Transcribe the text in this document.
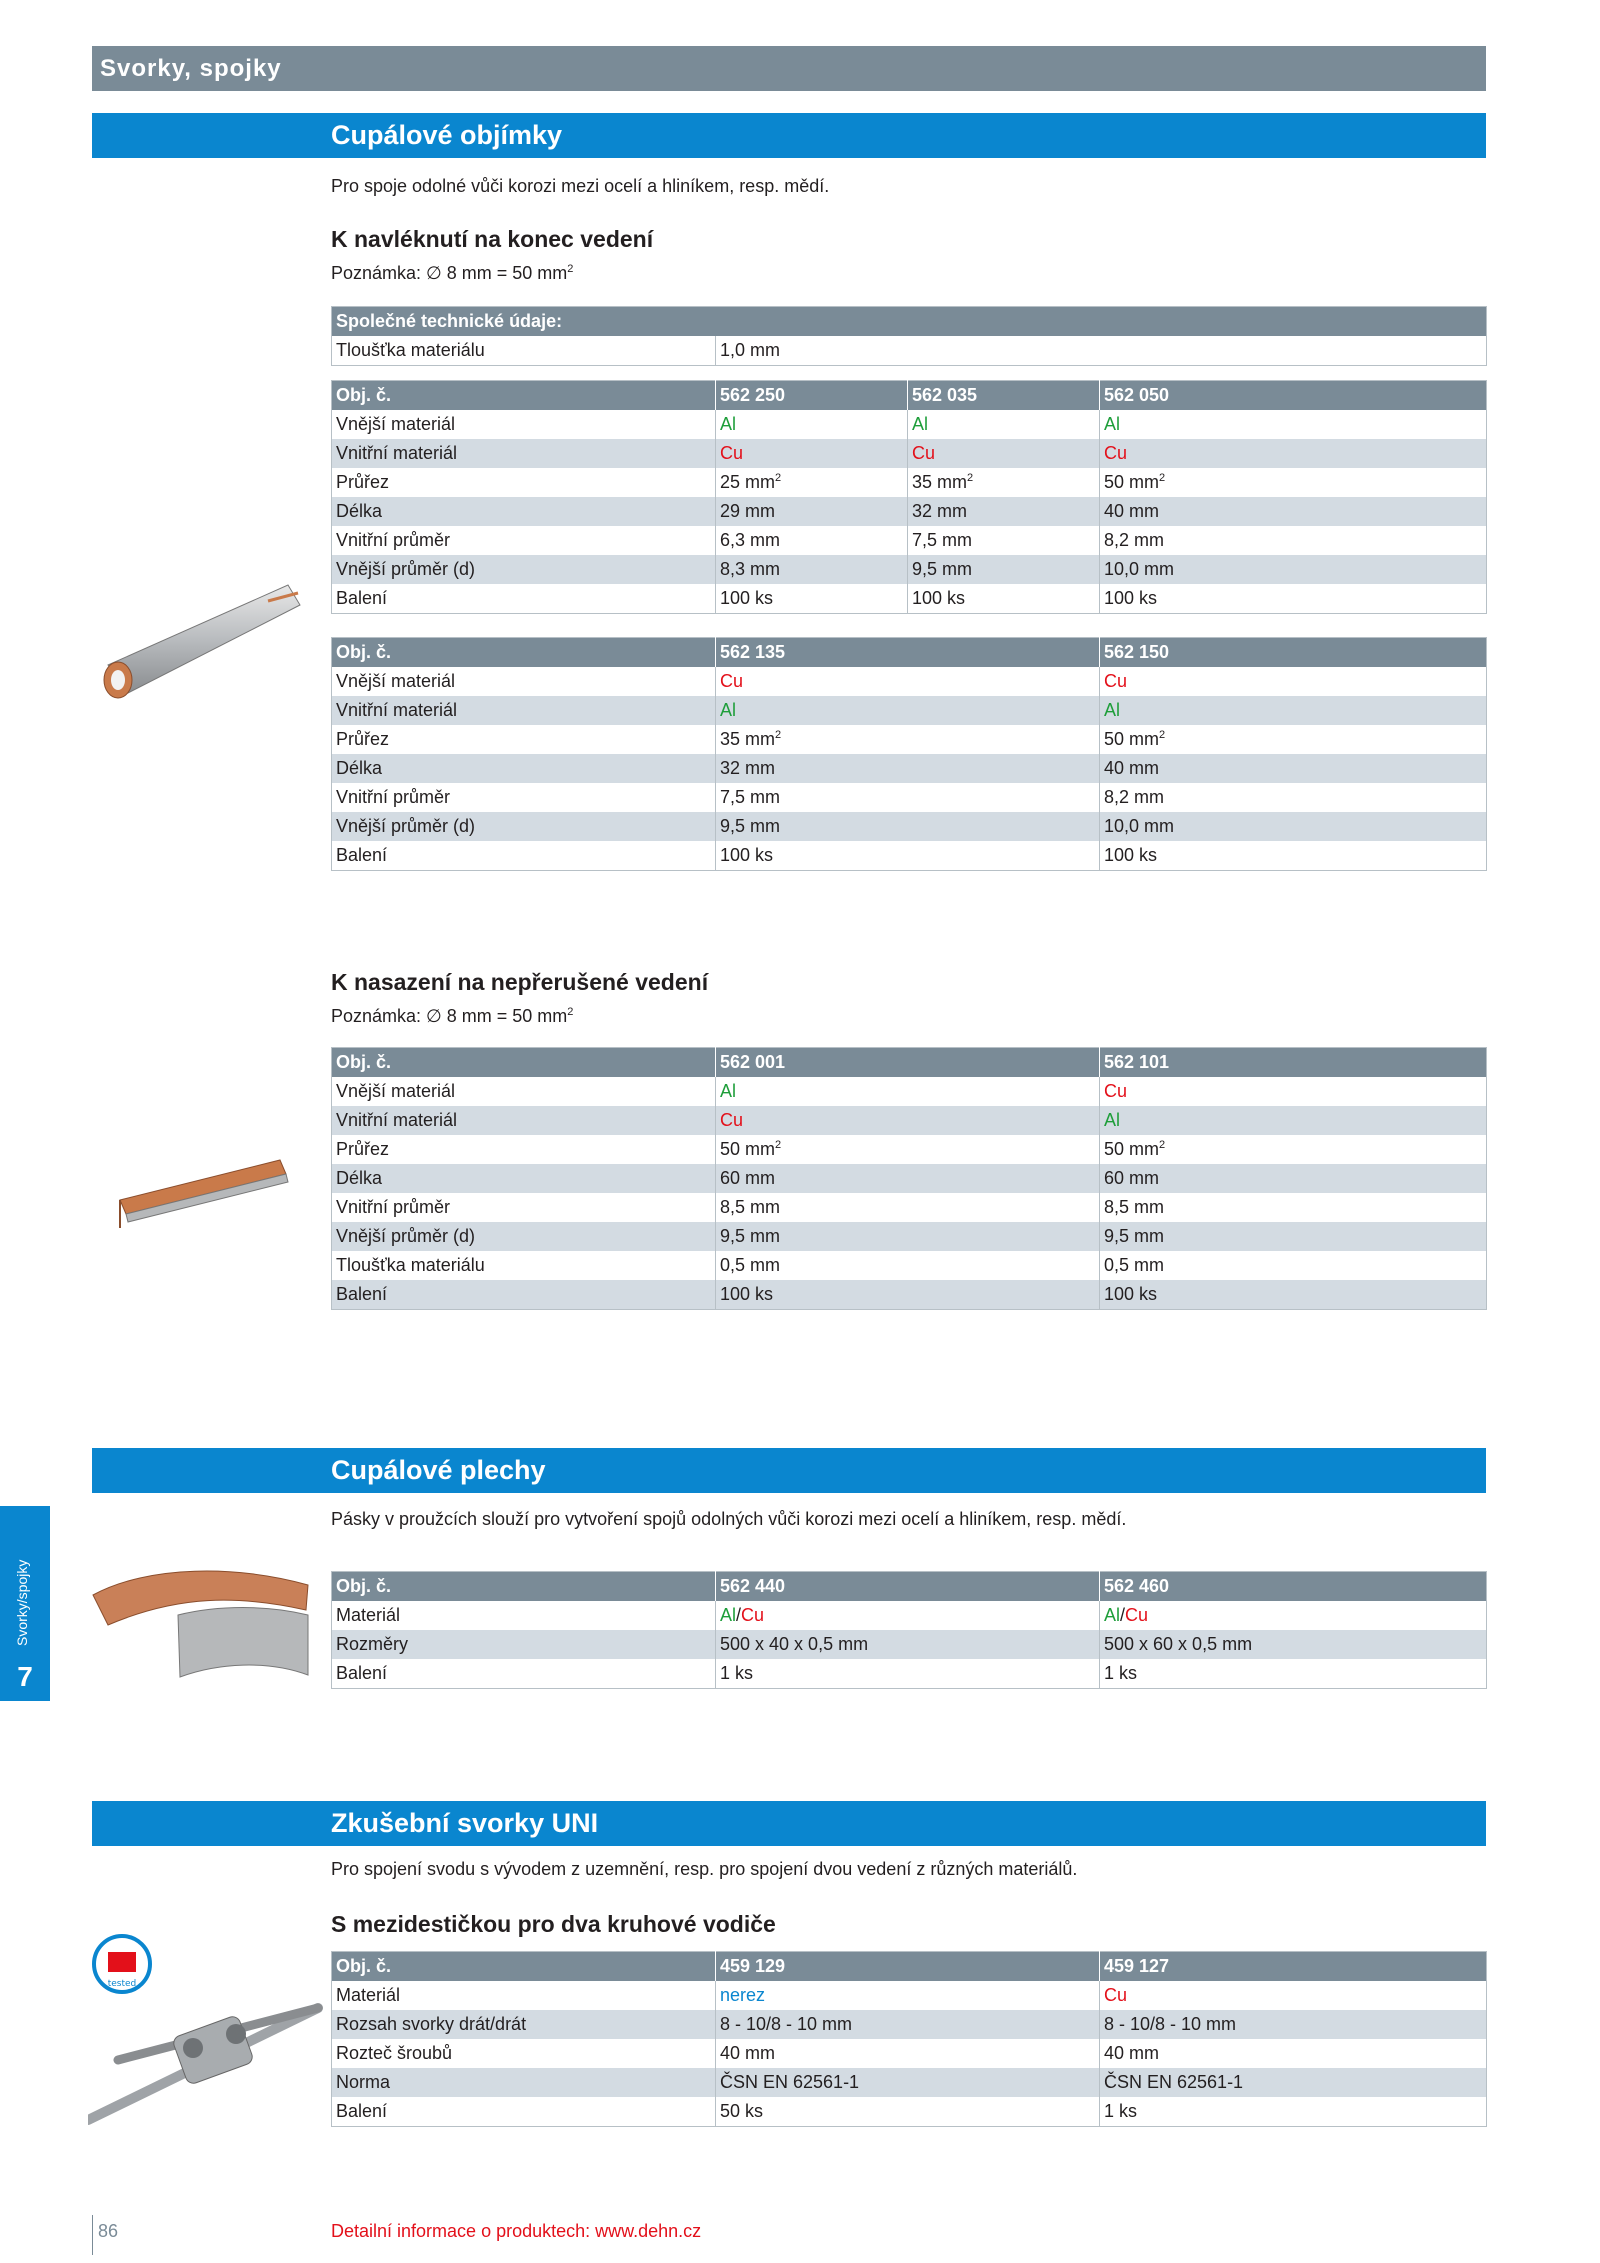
Svorky, spojky
Cupálové objímky
Pro spoje odolné vůči korozi mezi ocelí a hliníkem, resp. mědí.
K navléknutí na konec vedení
Poznámka: ∅ 8 mm = 50 $mm^2$
Společné technické údaje:
Tloušťka materiálu	1,0 mm
Obj. č.	562 250	562 035	562 050
Vnější materiál	Al	Al	Al
Vnitřní materiál	Cu	Cu	Cu
Průřez	25 $mm^2$	35 $mm^2$	50 $mm^2$
Délka	29 mm	32 mm	40 mm
Vnitřní průměr	6,3 mm	7,5 mm	8,2 mm
Vnější průměr (d)	8,3 mm	9,5 mm	10,0 mm
Balení	100 ks	100 ks	100 ks
Obj. č.	562 135	562 150
Vnější materiál	Cu	Cu
Vnitřní materiál	Al	Al
Průřez	35 $mm^2$	50 $mm^2$
Délka	32 mm	40 mm
Vnitřní průměr	7,5 mm	8,2 mm
Vnější průměr (d)	9,5 mm	10,0 mm
Balení	100 ks	100 ks
K nasazení na nepřerušené vedení
Poznámka: ∅ 8 mm = 50 $mm^2$
Obj. č.	562 001	562 101
Vnější materiál	Al	Cu
Vnitřní materiál	Cu	Al
Průřez	50 $mm^2$	50 $mm^2$
Délka	60 mm	60 mm
Vnitřní průměr	8,5 mm	8,5 mm
Vnější průměr (d)	9,5 mm	9,5 mm
Tloušťka materiálu	0,5 mm	0,5 mm
Balení	100 ks	100 ks
Cupálové plechy
Pásky v proužcích slouží pro vytvoření spojů odolných vůči korozi mezi ocelí a hliníkem, resp. mědí.
Obj. č.	562 440	562 460
Materiál	Al/Cu	Al/Cu
Rozměry	500 x 40 x 0,5 mm	500 x 60 x 0,5 mm
Balení	1 ks	1 ks
Zkušební svorky UNI
Pro spojení svodu s vývodem z uzemnění, resp. pro spojení dvou vedení z různých materiálů.
S mezidestičkou pro dva kruhové vodiče
Obj. č.	459 129	459 127
Materiál	nerez	Cu
Rozsah svorky drát/drát	8 - 10/8 - 10 mm	8 - 10/8 - 10 mm
Rozteč šroubů	40 mm	40 mm
Norma	ČSN EN 62561-1	ČSN EN 62561-1
Balení	50 ks	1 ks
Svorky/spojky
7
tested
86	Detailní informace o produktech: www.dehn.cz
